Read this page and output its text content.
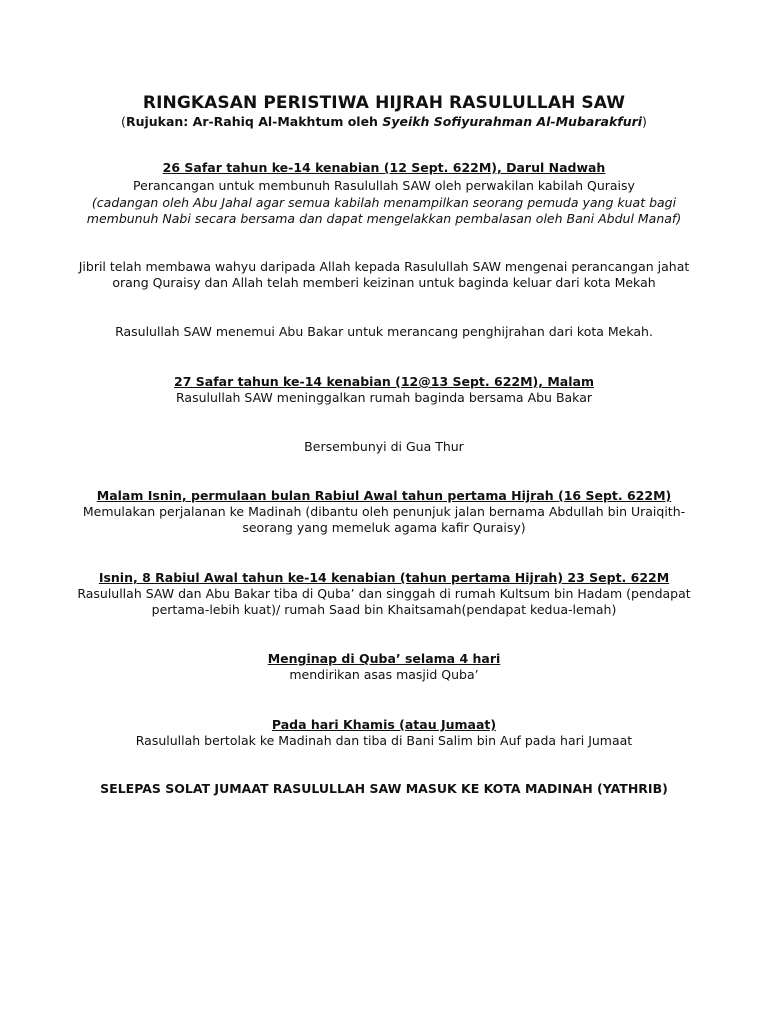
RINGKASAN PERISTIWA HIJRAH RASULULLAH SAW
(Rujukan: Ar-Rahiq Al-Makhtum oleh Syeikh Sofiyurahman Al-Mubarakfuri)
26 Safar tahun ke-14 kenabian (12 Sept. 622M), Darul Nadwah
Perancangan untuk membunuh Rasulullah SAW oleh perwakilan kabilah Quraisy
(cadangan oleh Abu Jahal agar semua kabilah menampilkan seorang pemuda yang kuat bagi
membunuh Nabi secara bersama dan dapat mengelakkan pembalasan oleh Bani Abdul Manaf)
Jibril telah membawa wahyu daripada Allah kepada Rasulullah SAW mengenai perancangan jahat
orang Quraisy dan Allah telah memberi keizinan untuk baginda keluar dari kota Mekah
Rasulullah SAW menemui Abu Bakar untuk merancang penghijrahan dari kota Mekah.
27 Safar tahun ke-14 kenabian (12@13 Sept. 622M), Malam
Rasulullah SAW meninggalkan rumah baginda bersama Abu Bakar
Bersembunyi di Gua Thur
Malam Isnin, permulaan bulan Rabiul Awal tahun pertama Hijrah (16 Sept. 622M)
Memulakan perjalanan ke Madinah (dibantu oleh penunjuk jalan bernama Abdullah bin Uraiqith-
seorang yang memeluk agama kafir Quraisy)
Isnin, 8 Rabiul Awal tahun ke-14 kenabian (tahun pertama Hijrah) 23 Sept. 622M
Rasulullah SAW dan Abu Bakar tiba di Quba’ dan singgah di rumah Kultsum bin Hadam (pendapat
pertama-lebih kuat)/ rumah Saad bin Khaitsamah(pendapat kedua-lemah)
Menginap di Quba’ selama 4 hari
mendirikan asas masjid Quba’
Pada hari Khamis (atau Jumaat)
Rasulullah bertolak ke Madinah dan tiba di Bani Salim bin Auf pada hari Jumaat
SELEPAS SOLAT JUMAAT RASULULLAH SAW MASUK KE KOTA MADINAH (YATHRIB)
